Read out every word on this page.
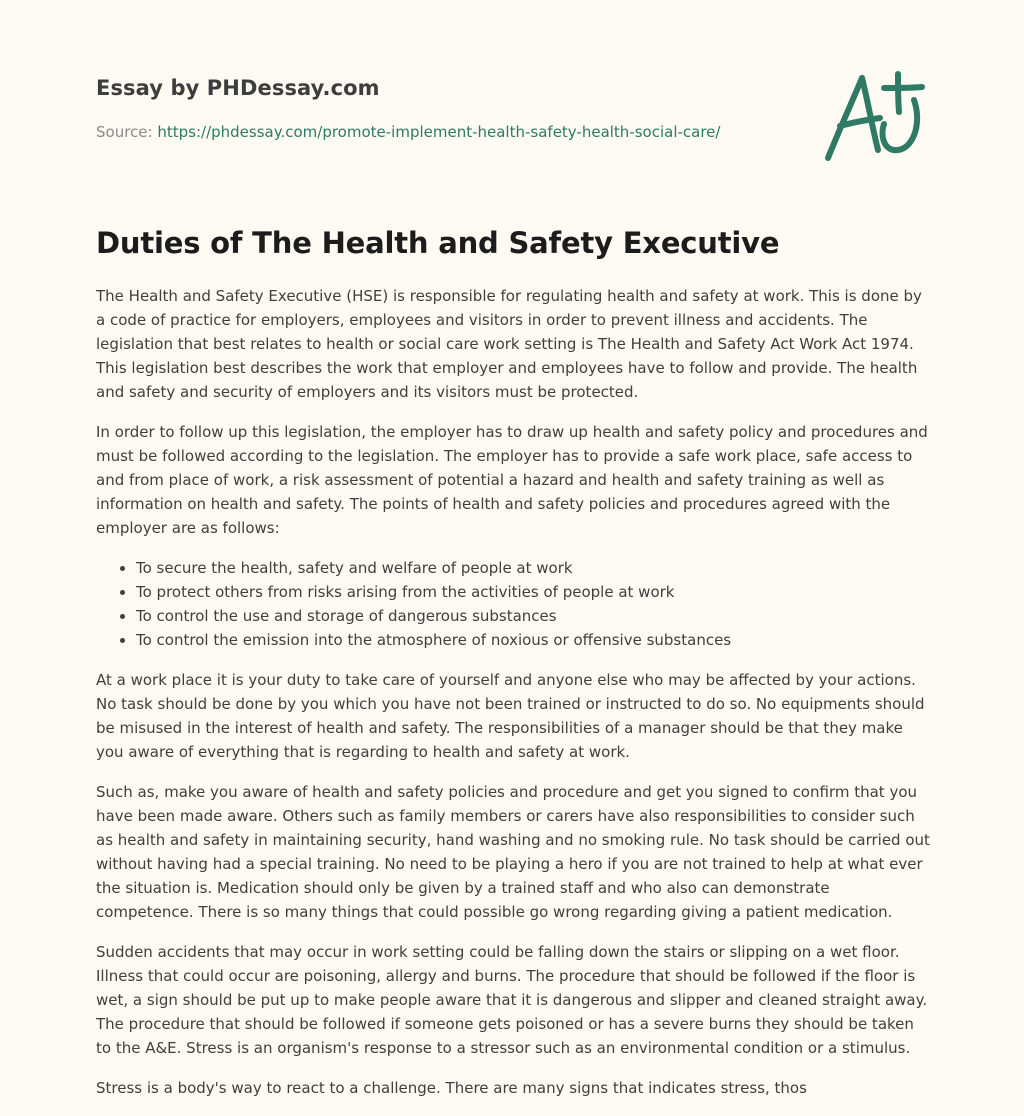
Essay by PHDessay.com
Source: https://phdessay.com/promote-implement-health-safety-health-social-care/
Duties of The Health and Safety Executive

The Health and Safety Executive (HSE) is responsible for regulating health and safety at work. This is done by a code of practice for employers, employees and visitors in order to prevent illness and accidents. The legislation that best relates to health or social care work setting is The Health and Safety Act Work Act 1974. This legislation best describes the work that employer and employees have to follow and provide. The health and safety and security of employers and its visitors must be protected.

In order to follow up this legislation, the employer has to draw up health and safety policy and procedures and must be followed according to the legislation. The employer has to provide a safe work place, safe access to and from place of work, a risk assessment of potential a hazard and health and safety training as well as information on health and safety. The points of health and safety policies and procedures agreed with the employer are as follows:

• To secure the health, safety and welfare of people at work
• To protect others from risks arising from the activities of people at work
• To control the use and storage of dangerous substances
• To control the emission into the atmosphere of noxious or offensive substances

At a work place it is your duty to take care of yourself and anyone else who may be affected by your actions. No task should be done by you which you have not been trained or instructed to do so. No equipments should be misused in the interest of health and safety. The responsibilities of a manager should be that they make you aware of everything that is regarding to health and safety at work.

Such as, make you aware of health and safety policies and procedure and get you signed to confirm that you have been made aware. Others such as family members or carers have also responsibilities to consider such as health and safety in maintaining security, hand washing and no smoking rule. No task should be carried out without having had a special training. No need to be playing a hero if you are not trained to help at what ever the situation is. Medication should only be given by a trained staff and who also can demonstrate competence. There is so many things that could possible go wrong regarding giving a patient medication.

Sudden accidents that may occur in work setting could be falling down the stairs or slipping on a wet floor. Illness that could occur are poisoning, allergy and burns. The procedure that should be followed if the floor is wet, a sign should be put up to make people aware that it is dangerous and slipper and cleaned straight away. The procedure that should be followed if someone gets poisoned or has a severe burns they should be taken to the A&E. Stress is an organism's response to a stressor such as an environmental condition or a stimulus.

Stress is a body's way to react to a challenge. There are many signs that indicates stress, thos
